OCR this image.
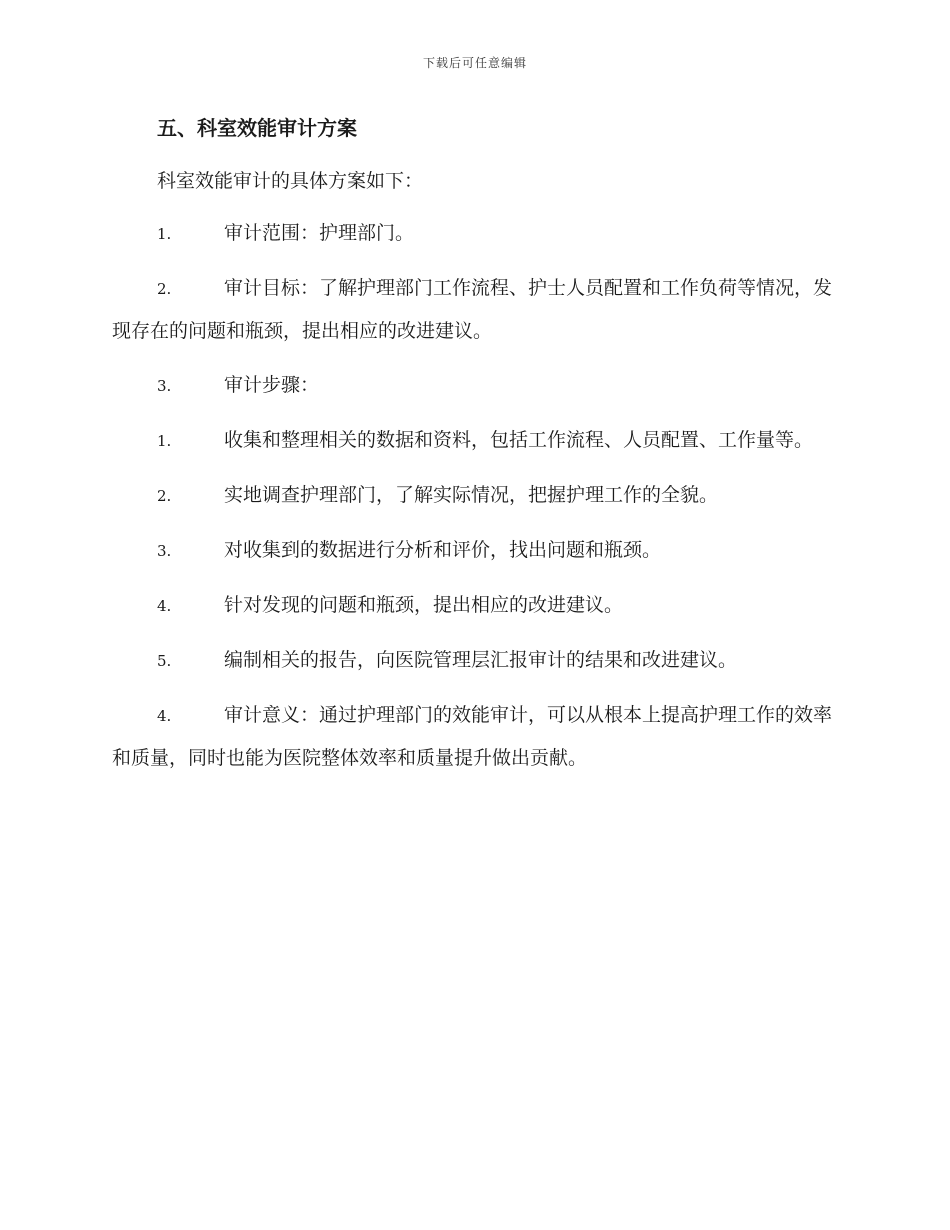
下载后可任意编辑
五、科室效能审计方案
科室效能审计的具体方案如下：
1.	审计范围：护理部门。
2.	审计目标：了解护理部门工作流程、护士人员配置和工作负荷等情况，发现存在的问题和瓶颈，提出相应的改进建议。
3.	审计步骤：
1.	收集和整理相关的数据和资料，包括工作流程、人员配置、工作量等。
2.	实地调查护理部门，了解实际情况，把握护理工作的全貌。
3.	对收集到的数据进行分析和评价，找出问题和瓶颈。
4.	针对发现的问题和瓶颈，提出相应的改进建议。
5.	编制相关的报告，向医院管理层汇报审计的结果和改进建议。
4.	审计意义：通过护理部门的效能审计，可以从根本上提高护理工作的效率和质量，同时也能为医院整体效率和质量提升做出贡献。
